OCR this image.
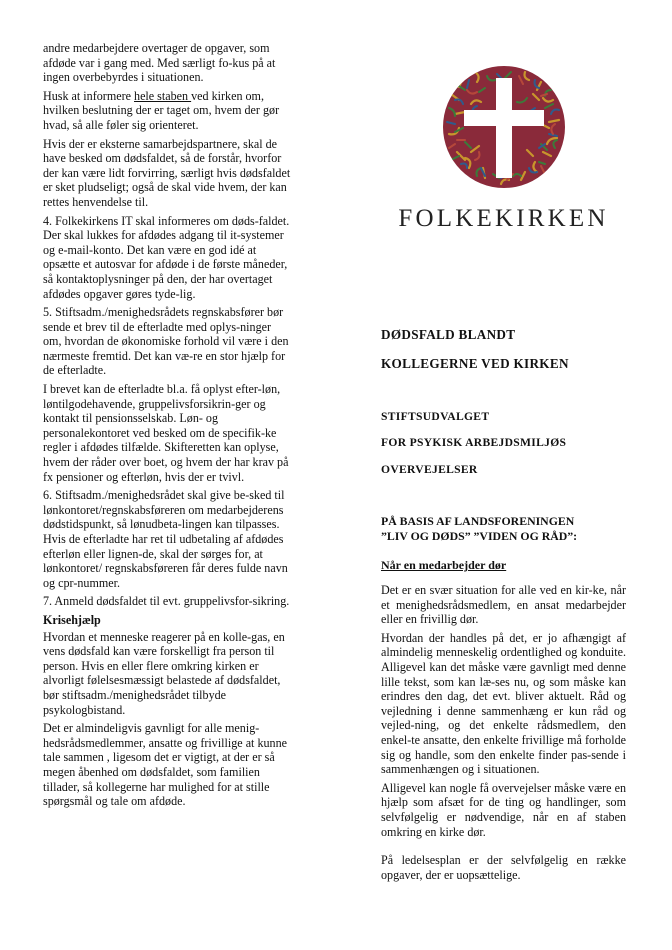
andre medarbejdere overtager de opgaver, som afdøde var i gang med. Med særligt fo-kus på at ingen overbebyrdes i situationen.

Husk at informere hele staben ved kirken om, hvilken beslutning der er taget om, hvem der gør hvad, så alle føler sig orienteret.

Hvis der er eksterne samarbejdspartnere, skal de have besked om dødsfaldet, så de forstår, hvorfor der kan være lidt forvirring, særligt hvis dødsfaldet er sket pludseligt; også de skal vide hvem, der kan rettes henvendelse til.

4. Folkekirkens IT skal informeres om døds-faldet. Der skal lukkes for afdødes adgang til it-systemer og e-mail-konto. Det kan være en god idé at opsætte et autosvar for afdøde i de første måneder, så kontaktoplysninger på den, der har overtaget afdødes opgaver gøres tyde-lig.

5. Stiftsadm./menighedsrådets regnskabsfører bør sende et brev til de efterladte med oplys-ninger om, hvordan de økonomiske forhold vil være i den nærmeste fremtid. Det kan væ-re en stor hjælp for de efterladte.

I brevet kan de efterladte bl.a. få oplyst efter-løn, løntilgodehavende, gruppelivsforsikrin-ger og kontakt til pensionsselskab. Løn- og personalekontoret ved besked om de specifik-ke regler i afdødes tilfælde. Skifteretten kan oplyse, hvem der råder over boet, og hvem der har krav på fx pensioner og efterløn, hvis der er tvivl.

6. Stiftsadm./menighedsrådet skal give be-sked til lønkontoret/regnskabsføreren om medarbejderens dødstidspunkt, så lønudbeta-lingen kan tilpasses. Hvis de efterladte har ret til udbetaling af afdødes efterløn eller lignen-de, skal der sørges for, at lønkontoret/ regnskabsføreren får deres fulde navn og cpr-nummer.

7. Anmeld dødsfaldet til evt. gruppelivsfor-sikring.

Krisehjælp

Hvordan et menneske reagerer på en kolle-gas, en vens dødsfald kan være forskelligt fra person til person. Hvis en eller flere omkring kirken er alvorligt følelsesmæssigt belastede af dødsfaldet, bør stiftsadm./menighedsrådet tilbyde psykologbistand.

Det er almindeligvis gavnligt for alle menig-hedsrådsmedlemmer, ansatte og frivillige at kunne tale sammen , ligesom det er vigtigt, at der er så megen åbenhed om dødsfaldet, som familien tillader, så kollegerne har mulighed for at stille spørgsmål og tale om afdøde.

FOLKEKIRKEN
DØDSFALD BLANDT
KOLLEGERNE VED KIRKEN
STIFTSUDVALGET
FOR PSYKISK ARBEJDSMILJØS
OVERVEJELSER
PÅ BASIS AF LANDSFORENINGEN
”LIV OG DØDS” ”VIDEN OG RÅD”:
Når en medarbejder dør

Det er en svær situation for alle ved en kir-ke, når et menighedsrådsmedlem, en ansat medarbejder eller en frivillig dør.

Hvordan der handles på det, er jo afhængigt af almindelig menneskelig ordentlighed og konduite. Alligevel kan det måske være gavnligt med denne lille tekst, som kan læ-ses nu, og som måske kan erindres den dag, det evt. bliver aktuelt. Råd og vejledning i denne sammenhæng er kun råd og vejled-ning, og det enkelte rådsmedlem, den enkel-te ansatte, den enkelte frivillige må forholde sig og handle, som den enkelte finder pas-sende i sammenhængen og i situationen.

Alligevel kan nogle få overvejelser måske være en hjælp som afsæt for de ting og handlinger, som selvfølgelig er nødvendige, når en af staben omkring en kirke dør.

På ledelsesplan er der selvfølgelig en række opgaver, der er uopsættelige.
